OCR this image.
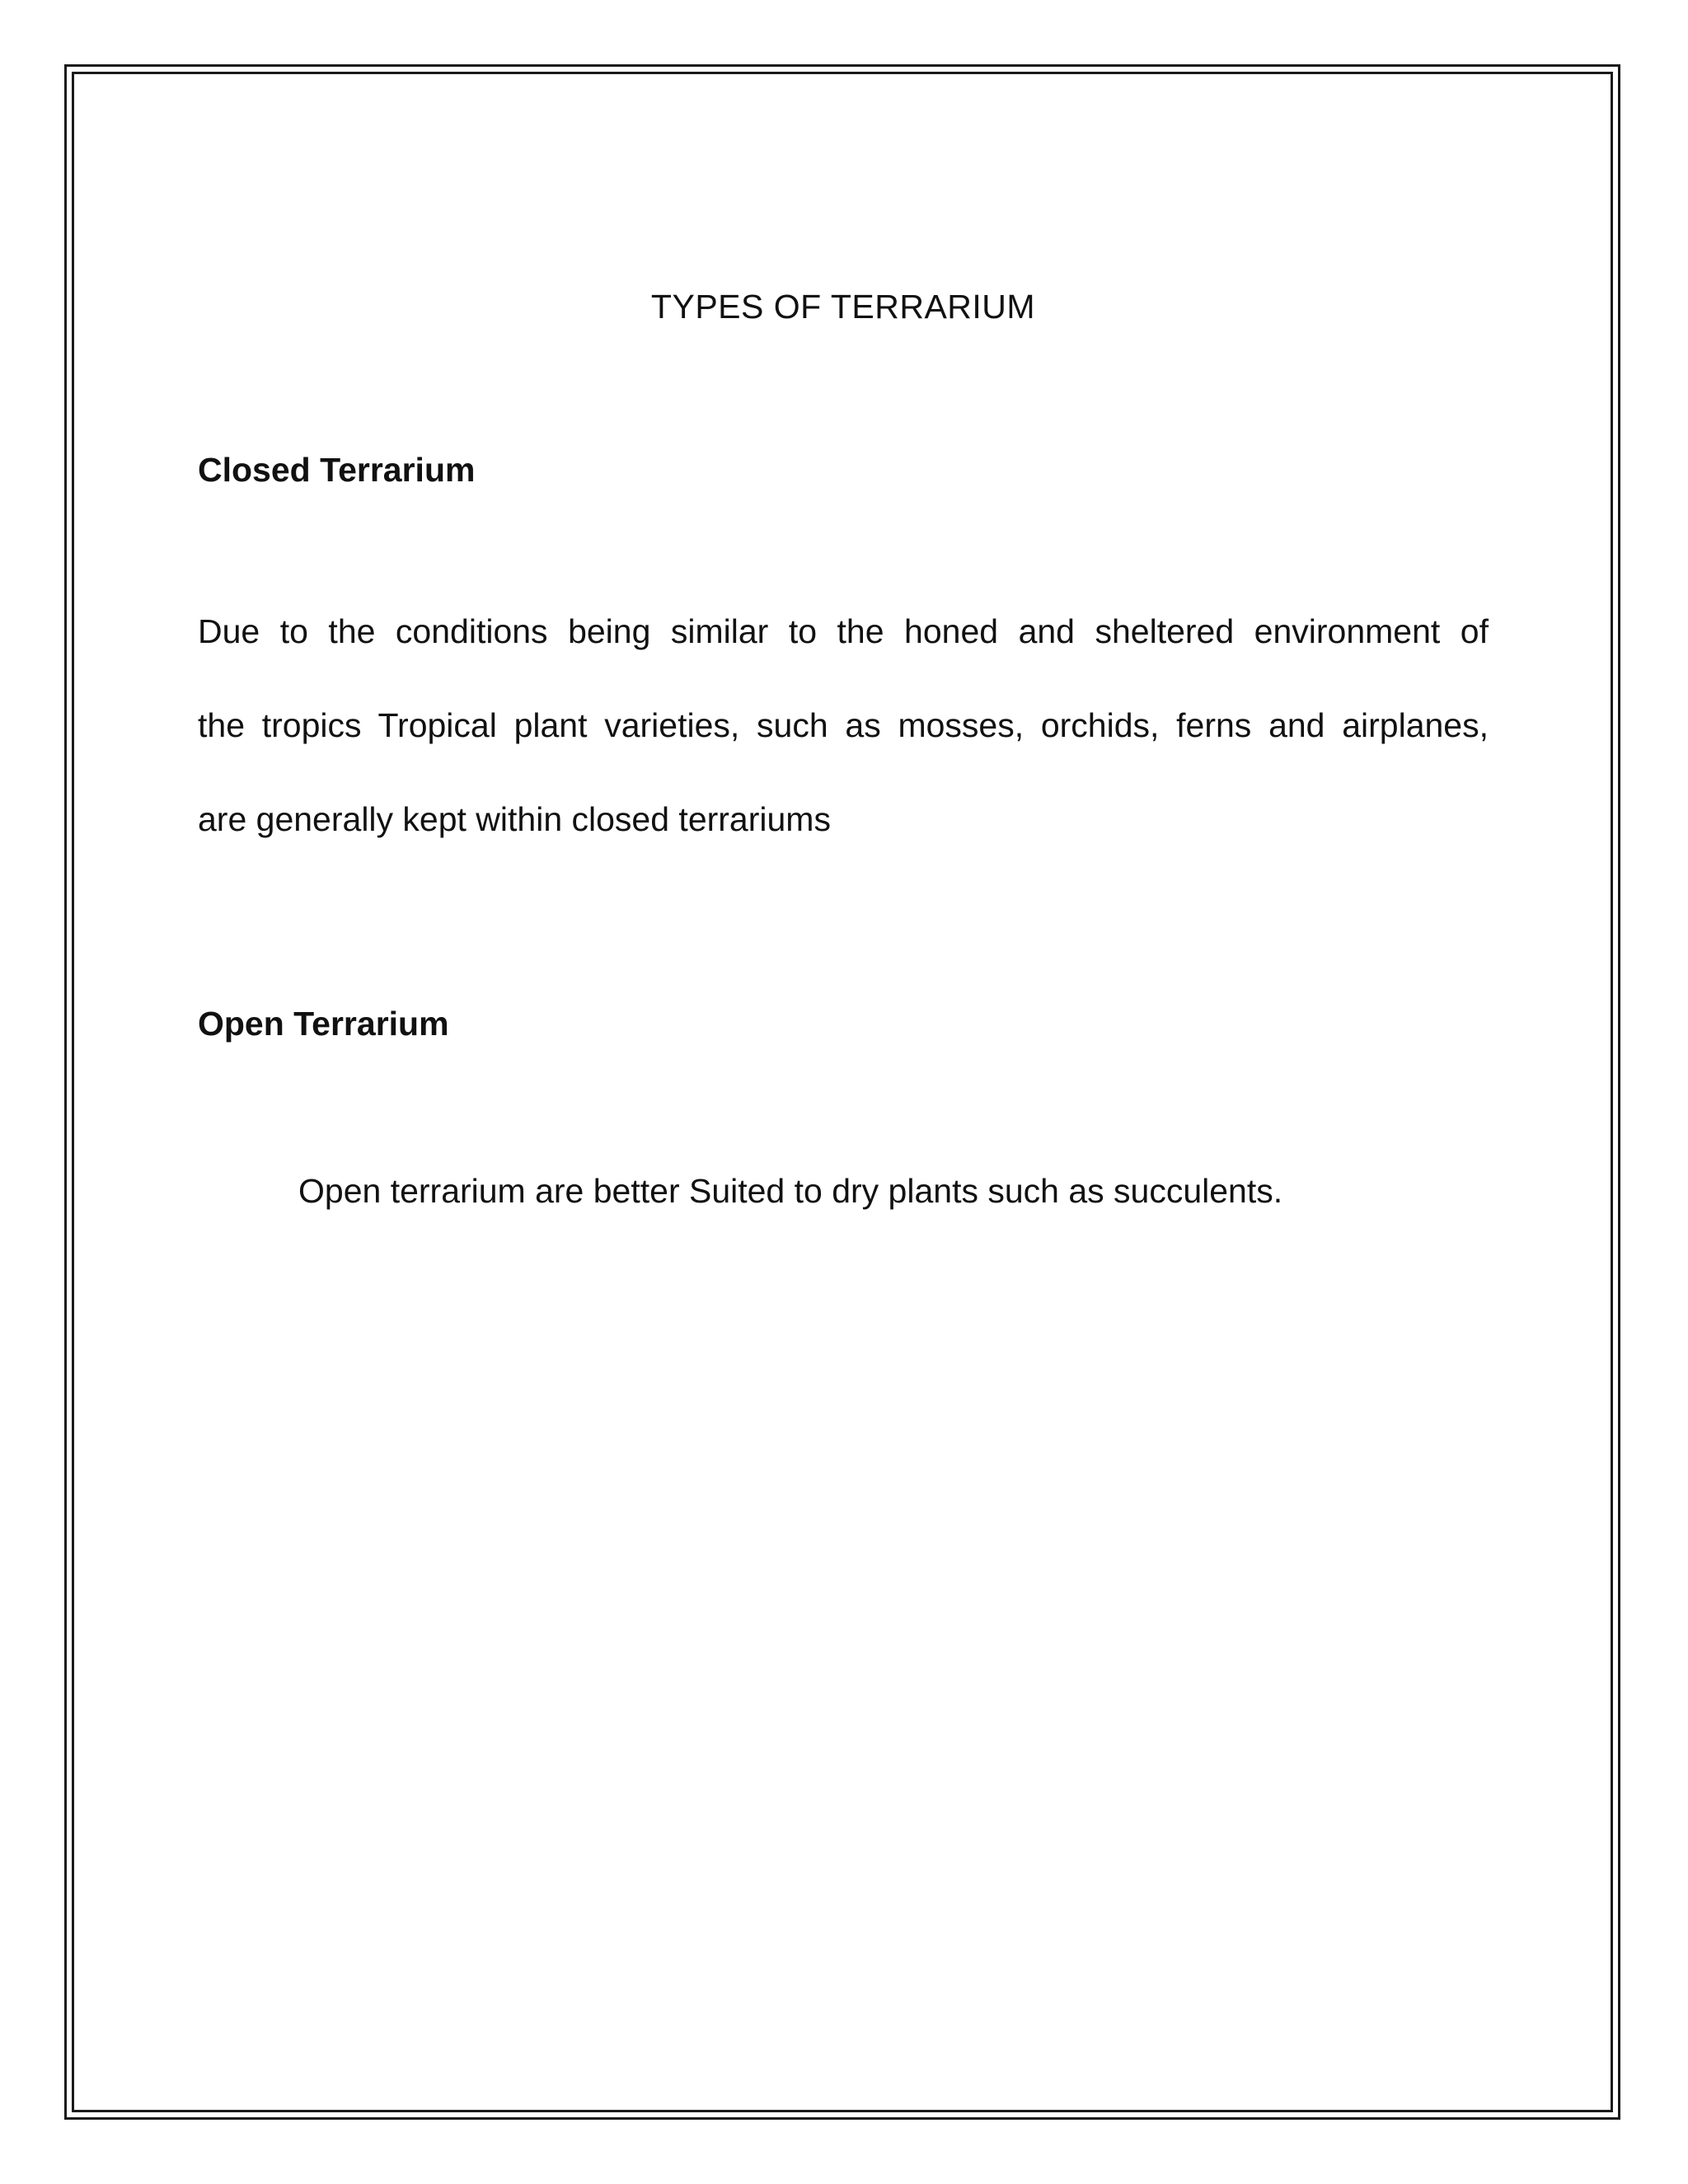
TYPES OF TERRARIUM
Closed Terrarium
Due to the conditions being similar to the honed and sheltered environment of
the tropics Tropical plant varieties, such as mosses, orchids, ferns and airplanes,
are generally kept within closed terrariums
Open Terrarium
Open terrarium are better Suited to dry plants such as succulents.
